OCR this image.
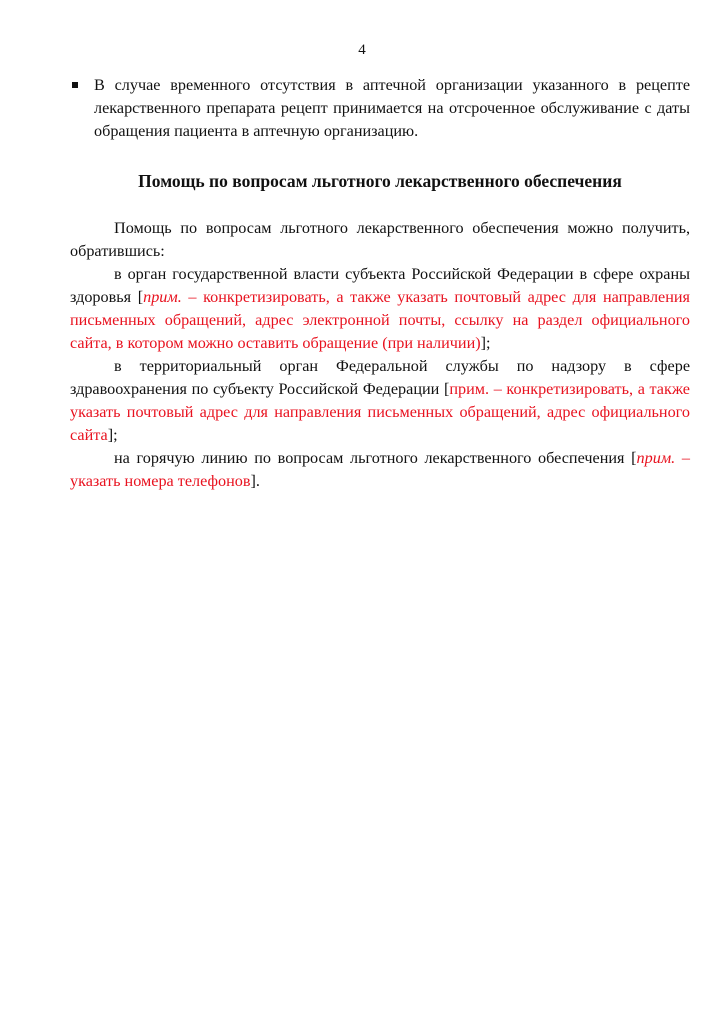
4
В случае временного отсутствия в аптечной организации указанного в рецепте лекарственного препарата рецепт принимается на отсроченное обслуживание с даты обращения пациента в аптечную организацию.
Помощь по вопросам льготного лекарственного обеспечения
Помощь по вопросам льготного лекарственного обеспечения можно получить, обратившись:
в орган государственной власти субъекта Российской Федерации в сфере охраны здоровья [прим. – конкретизировать, а также указать почтовый адрес для направления письменных обращений, адрес электронной почты, ссылку на раздел официального сайта, в котором можно оставить обращение (при наличии)];
в территориальный орган Федеральной службы по надзору в сфере здравоохранения по субъекту Российской Федерации [прим. – конкретизировать, а также указать почтовый адрес для направления письменных обращений, адрес официального сайта];
на горячую линию по вопросам льготного лекарственного обеспечения [прим. – указать номера телефонов].
